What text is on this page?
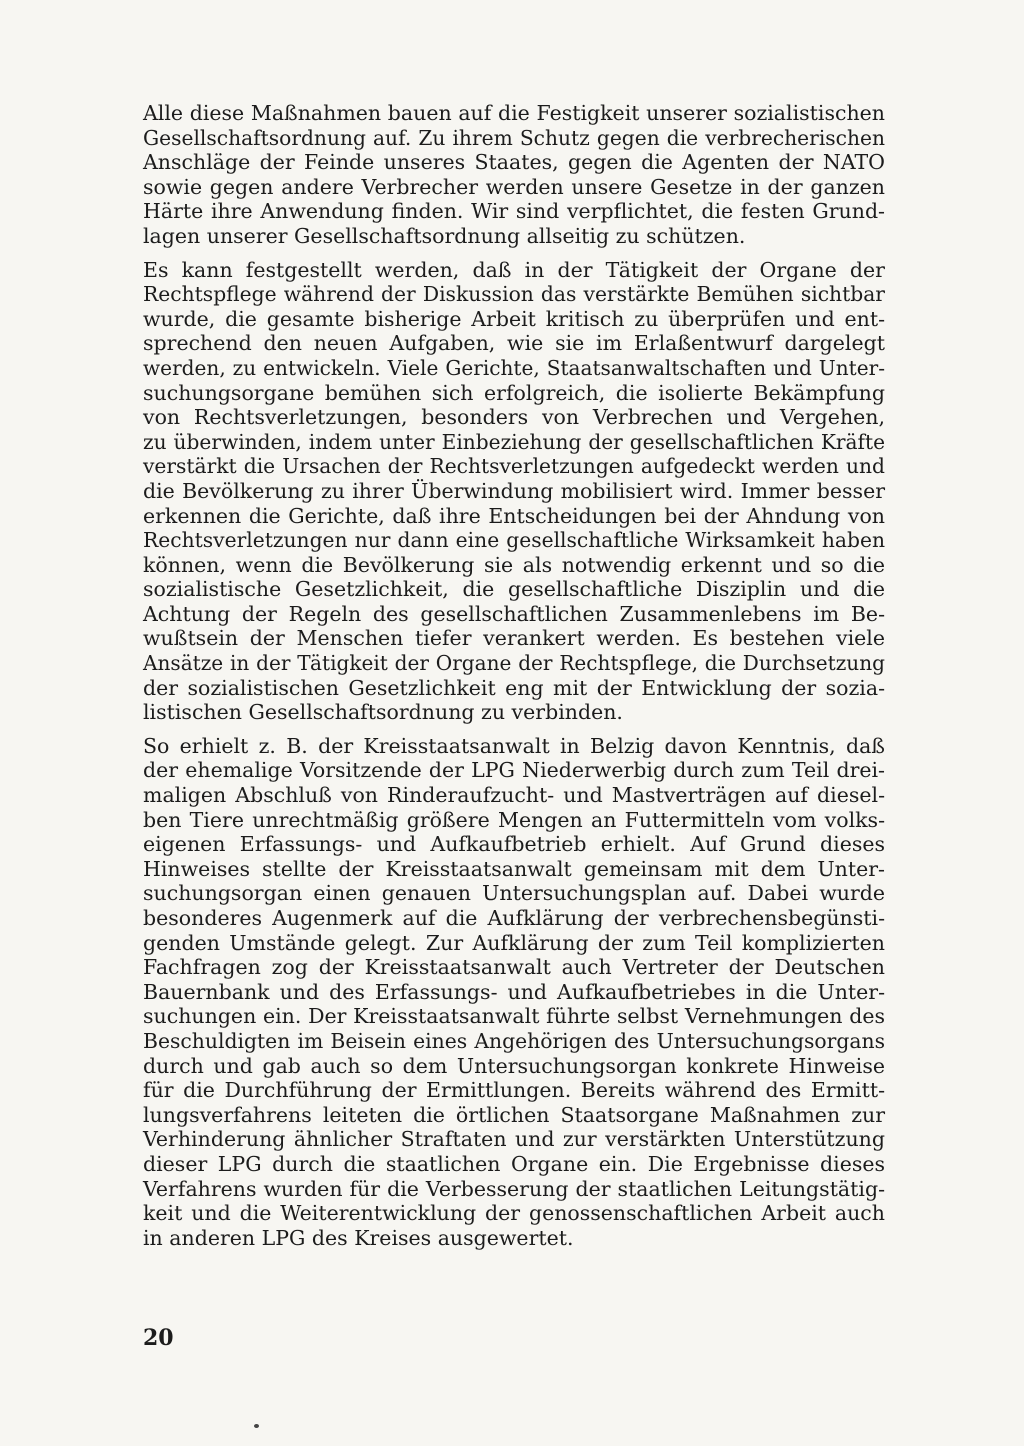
Alle diese Maßnahmen bauen auf die Festigkeit unserer sozialistischen
Gesellschaftsordnung auf. Zu ihrem Schutz gegen die verbrecherischen
Anschläge der Feinde unseres Staates, gegen die Agenten der NATO
sowie gegen andere Verbrecher werden unsere Gesetze in der ganzen
Härte ihre Anwendung finden. Wir sind verpflichtet, die festen Grund-
lagen unserer Gesellschaftsordnung allseitig zu schützen.

Es kann festgestellt werden, daß in der Tätigkeit der Organe der
Rechtspflege während der Diskussion das verstärkte Bemühen sichtbar
wurde, die gesamte bisherige Arbeit kritisch zu überprüfen und ent-
sprechend den neuen Aufgaben, wie sie im Erlaßentwurf dargelegt
werden, zu entwickeln. Viele Gerichte, Staatsanwaltschaften und Unter-
suchungsorgane bemühen sich erfolgreich, die isolierte Bekämpfung
von Rechtsverletzungen, besonders von Verbrechen und Vergehen,
zu überwinden, indem unter Einbeziehung der gesellschaftlichen Kräfte
verstärkt die Ursachen der Rechtsverletzungen aufgedeckt werden und
die Bevölkerung zu ihrer Überwindung mobilisiert wird. Immer besser
erkennen die Gerichte, daß ihre Entscheidungen bei der Ahndung von
Rechtsverletzungen nur dann eine gesellschaftliche Wirksamkeit haben
können, wenn die Bevölkerung sie als notwendig erkennt und so die
sozialistische Gesetzlichkeit, die gesellschaftliche Disziplin und die
Achtung der Regeln des gesellschaftlichen Zusammenlebens im Be-
wußtsein der Menschen tiefer verankert werden. Es bestehen viele
Ansätze in der Tätigkeit der Organe der Rechtspflege, die Durchsetzung
der sozialistischen Gesetzlichkeit eng mit der Entwicklung der sozia-
listischen Gesellschaftsordnung zu verbinden.

So erhielt z. B. der Kreisstaatsanwalt in Belzig davon Kenntnis, daß
der ehemalige Vorsitzende der LPG Niederwerbig durch zum Teil drei-
maligen Abschluß von Rinderaufzucht- und Mastverträgen auf diesel-
ben Tiere unrechtmäßig größere Mengen an Futtermitteln vom volks-
eigenen Erfassungs- und Aufkaufbetrieb erhielt. Auf Grund dieses
Hinweises stellte der Kreisstaatsanwalt gemeinsam mit dem Unter-
suchungsorgan einen genauen Untersuchungsplan auf. Dabei wurde
besonderes Augenmerk auf die Aufklärung der verbrechensbegünsti-
genden Umstände gelegt. Zur Aufklärung der zum Teil komplizierten
Fachfragen zog der Kreisstaatsanwalt auch Vertreter der Deutschen
Bauernbank und des Erfassungs- und Aufkaufbetriebes in die Unter-
suchungen ein. Der Kreisstaatsanwalt führte selbst Vernehmungen des
Beschuldigten im Beisein eines Angehörigen des Untersuchungsorgans
durch und gab auch so dem Untersuchungsorgan konkrete Hinweise
für die Durchführung der Ermittlungen. Bereits während des Ermitt-
lungsverfahrens leiteten die örtlichen Staatsorgane Maßnahmen zur
Verhinderung ähnlicher Straftaten und zur verstärkten Unterstützung
dieser LPG durch die staatlichen Organe ein. Die Ergebnisse dieses
Verfahrens wurden für die Verbesserung der staatlichen Leitungstätig-
keit und die Weiterentwicklung der genossenschaftlichen Arbeit auch
in anderen LPG des Kreises ausgewertet.

20
